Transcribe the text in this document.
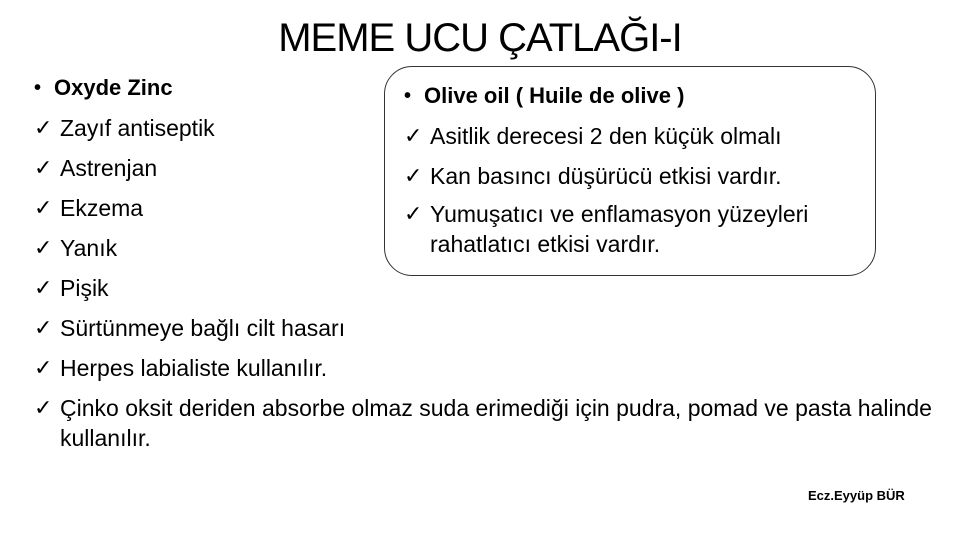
MEME UCU ÇATLAĞI-I
• Oxyde Zinc
✓ Zayıf antiseptik
✓ Astrenjan
✓ Ekzema
✓ Yanık
✓ Pişik
✓ Sürtünmeye bağlı cilt hasarı
✓ Herpes labialiste kullanılır.
✓ Çinko oksit deriden absorbe olmaz suda erimediği için pudra, pomad ve pasta halinde kullanılır.
• Olive oil ( Huile de olive )
✓ Asitlik derecesi 2 den küçük olmalı
✓ Kan basıncı düşürücü etkisi vardır.
✓ Yumuşatıcı ve enflamasyon yüzeyleri
rahatlatıcı etkisi vardır.
Ecz.Eyyüp BÜR
